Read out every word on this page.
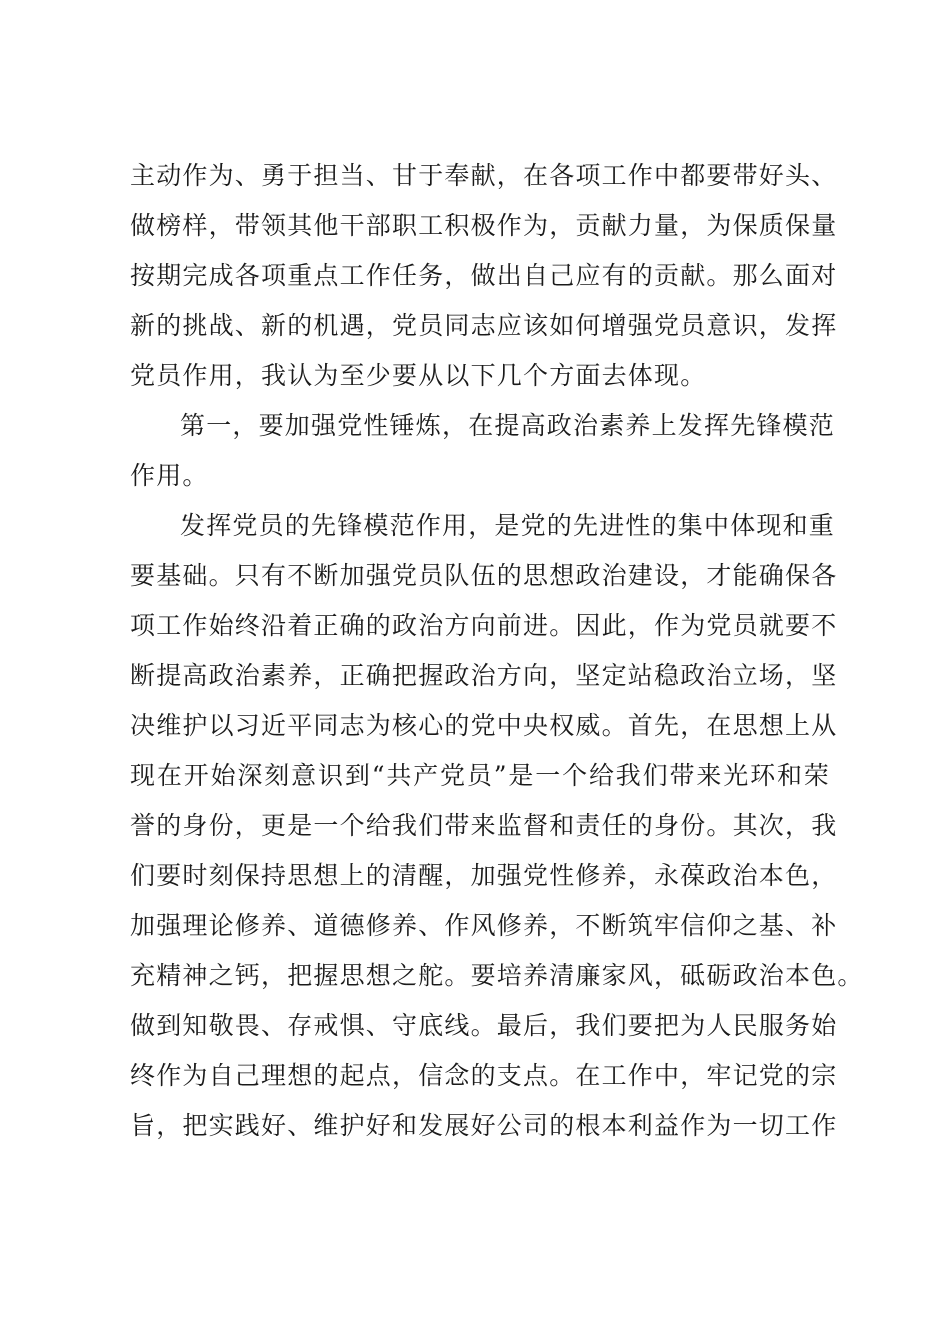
主动作为、勇于担当、甘于奉献，在各项工作中都要带好头、
做榜样，带领其他干部职工积极作为，贡献力量，为保质保量
按期完成各项重点工作任务，做出自己应有的贡献。那么面对
新的挑战、新的机遇，党员同志应该如何增强党员意识，发挥
党员作用，我认为至少要从以下几个方面去体现。
第一，要加强党性锤炼，在提高政治素养上发挥先锋模范
作用。
发挥党员的先锋模范作用，是党的先进性的集中体现和重
要基础。只有不断加强党员队伍的思想政治建设，才能确保各
项工作始终沿着正确的政治方向前进。因此，作为党员就要不
断提高政治素养，正确把握政治方向，坚定站稳政治立场，坚
决维护以习近平同志为核心的党中央权威。首先，在思想上从
现在开始深刻意识到“共产党员”是一个给我们带来光环和荣
誉的身份，更是一个给我们带来监督和责任的身份。其次，我
们要时刻保持思想上的清醒，加强党性修养，永葆政治本色，
加强理论修养、道德修养、作风修养，不断筑牢信仰之基、补
充精神之钙，把握思想之舵。要培养清廉家风，砥砺政治本色。
做到知敬畏、存戒惧、守底线。最后，我们要把为人民服务始
终作为自己理想的起点，信念的支点。在工作中，牢记党的宗
旨，把实践好、维护好和发展好公司的根本利益作为一切工作
